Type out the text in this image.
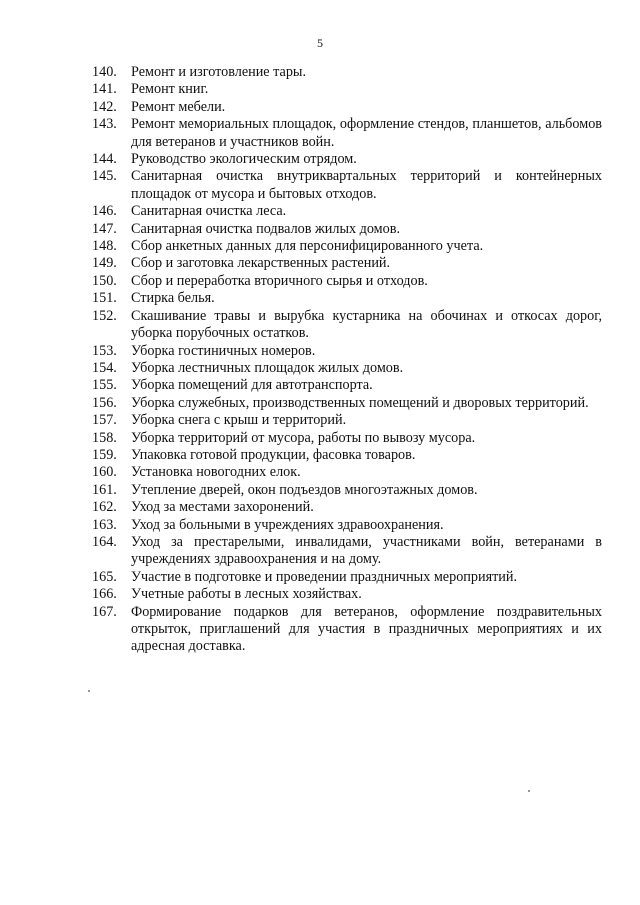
5
140. Ремонт и изготовление тары.
141. Ремонт книг.
142. Ремонт мебели.
143. Ремонт мемориальных площадок, оформление стендов, планшетов, альбомов для ветеранов и участников войн.
144. Руководство экологическим отрядом.
145. Санитарная очистка внутриквартальных территорий и контейнерных площадок от мусора и бытовых отходов.
146. Санитарная очистка леса.
147. Санитарная очистка подвалов жилых домов.
148. Сбор анкетных данных для персонифицированного учета.
149. Сбор и заготовка лекарственных растений.
150. Сбор и переработка вторичного сырья и отходов.
151. Стирка белья.
152. Скашивание травы и вырубка кустарника на обочинах и откосах дорог, уборка порубочных остатков.
153. Уборка гостиничных номеров.
154. Уборка лестничных площадок жилых домов.
155. Уборка помещений для автотранспорта.
156. Уборка служебных, производственных помещений и дворовых территорий.
157. Уборка снега с крыш и территорий.
158. Уборка территорий от мусора, работы по вывозу мусора.
159. Упаковка готовой продукции, фасовка товаров.
160. Установка новогодних елок.
161. Утепление дверей, окон подъездов многоэтажных домов.
162. Уход за местами захоронений.
163. Уход за больными в учреждениях здравоохранения.
164. Уход за престарелыми, инвалидами, участниками войн, ветеранами в учреждениях здравоохранения и на дому.
165. Участие в подготовке и проведении праздничных мероприятий.
166. Учетные работы в лесных хозяйствах.
167. Формирование подарков для ветеранов, оформление поздравительных открыток, приглашений для участия в праздничных мероприятиях и их адресная доставка.
